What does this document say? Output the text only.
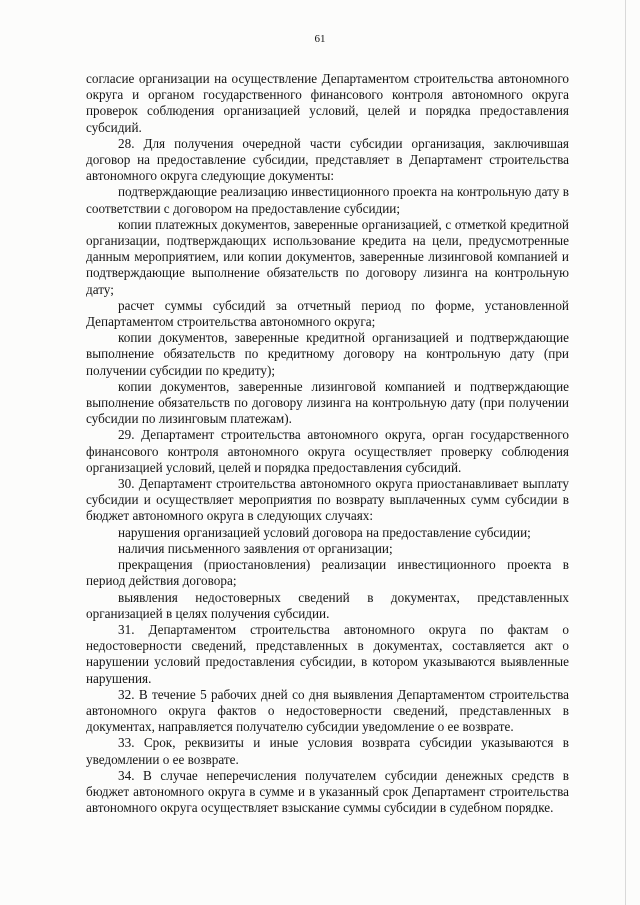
61

согласие организации на осуществление Департаментом строительства автономного округа и органом государственного финансового контроля автономного округа проверок соблюдения организацией условий, целей и порядка предоставления субсидий.

28. Для получения очередной части субсидии организация, заключившая договор на предоставление субсидии, представляет в Департамент строительства автономного округа следующие документы:

подтверждающие реализацию инвестиционного проекта на контрольную дату в соответствии с договором на предоставление субсидии;

копии платежных документов, заверенные организацией, с отметкой кредитной организации, подтверждающих использование кредита на цели, предусмотренные данным мероприятием, или копии документов, заверенные лизинговой компанией и подтверждающие выполнение обязательств по договору лизинга на контрольную дату;

расчет суммы субсидий за отчетный период по форме, установленной Департаментом строительства автономного округа;

копии документов, заверенные кредитной организацией и подтверждающие выполнение обязательств по кредитному договору на контрольную дату (при получении субсидии по кредиту);

копии документов, заверенные лизинговой компанией и подтверждающие выполнение обязательств по договору лизинга на контрольную дату (при получении субсидии по лизинговым платежам).

29. Департамент строительства автономного округа, орган государственного финансового контроля автономного округа осуществляет проверку соблюдения организацией условий, целей и порядка предоставления субсидий.

30. Департамент строительства автономного округа приостанавливает выплату субсидии и осуществляет мероприятия по возврату выплаченных сумм субсидии в бюджет автономного округа в следующих случаях:

нарушения организацией условий договора на предоставление субсидии;

наличия письменного заявления от организации;

прекращения (приостановления) реализации инвестиционного проекта в период действия договора;

выявления недостоверных сведений в документах, представленных организацией в целях получения субсидии.

31. Департаментом строительства автономного округа по фактам о недостоверности сведений, представленных в документах, составляется акт о нарушении условий предоставления субсидии, в котором указываются выявленные нарушения.

32. В течение 5 рабочих дней со дня выявления Департаментом строительства автономного округа фактов о недостоверности сведений, представленных в документах, направляется получателю субсидии уведомление о ее возврате.

33. Срок, реквизиты и иные условия возврата субсидии указываются в уведомлении о ее возврате.

34. В случае неперечисления получателем субсидии денежных средств в бюджет автономного округа в сумме и в указанный срок Департамент строительства автономного округа осуществляет взыскание суммы субсидии в судебном порядке.
